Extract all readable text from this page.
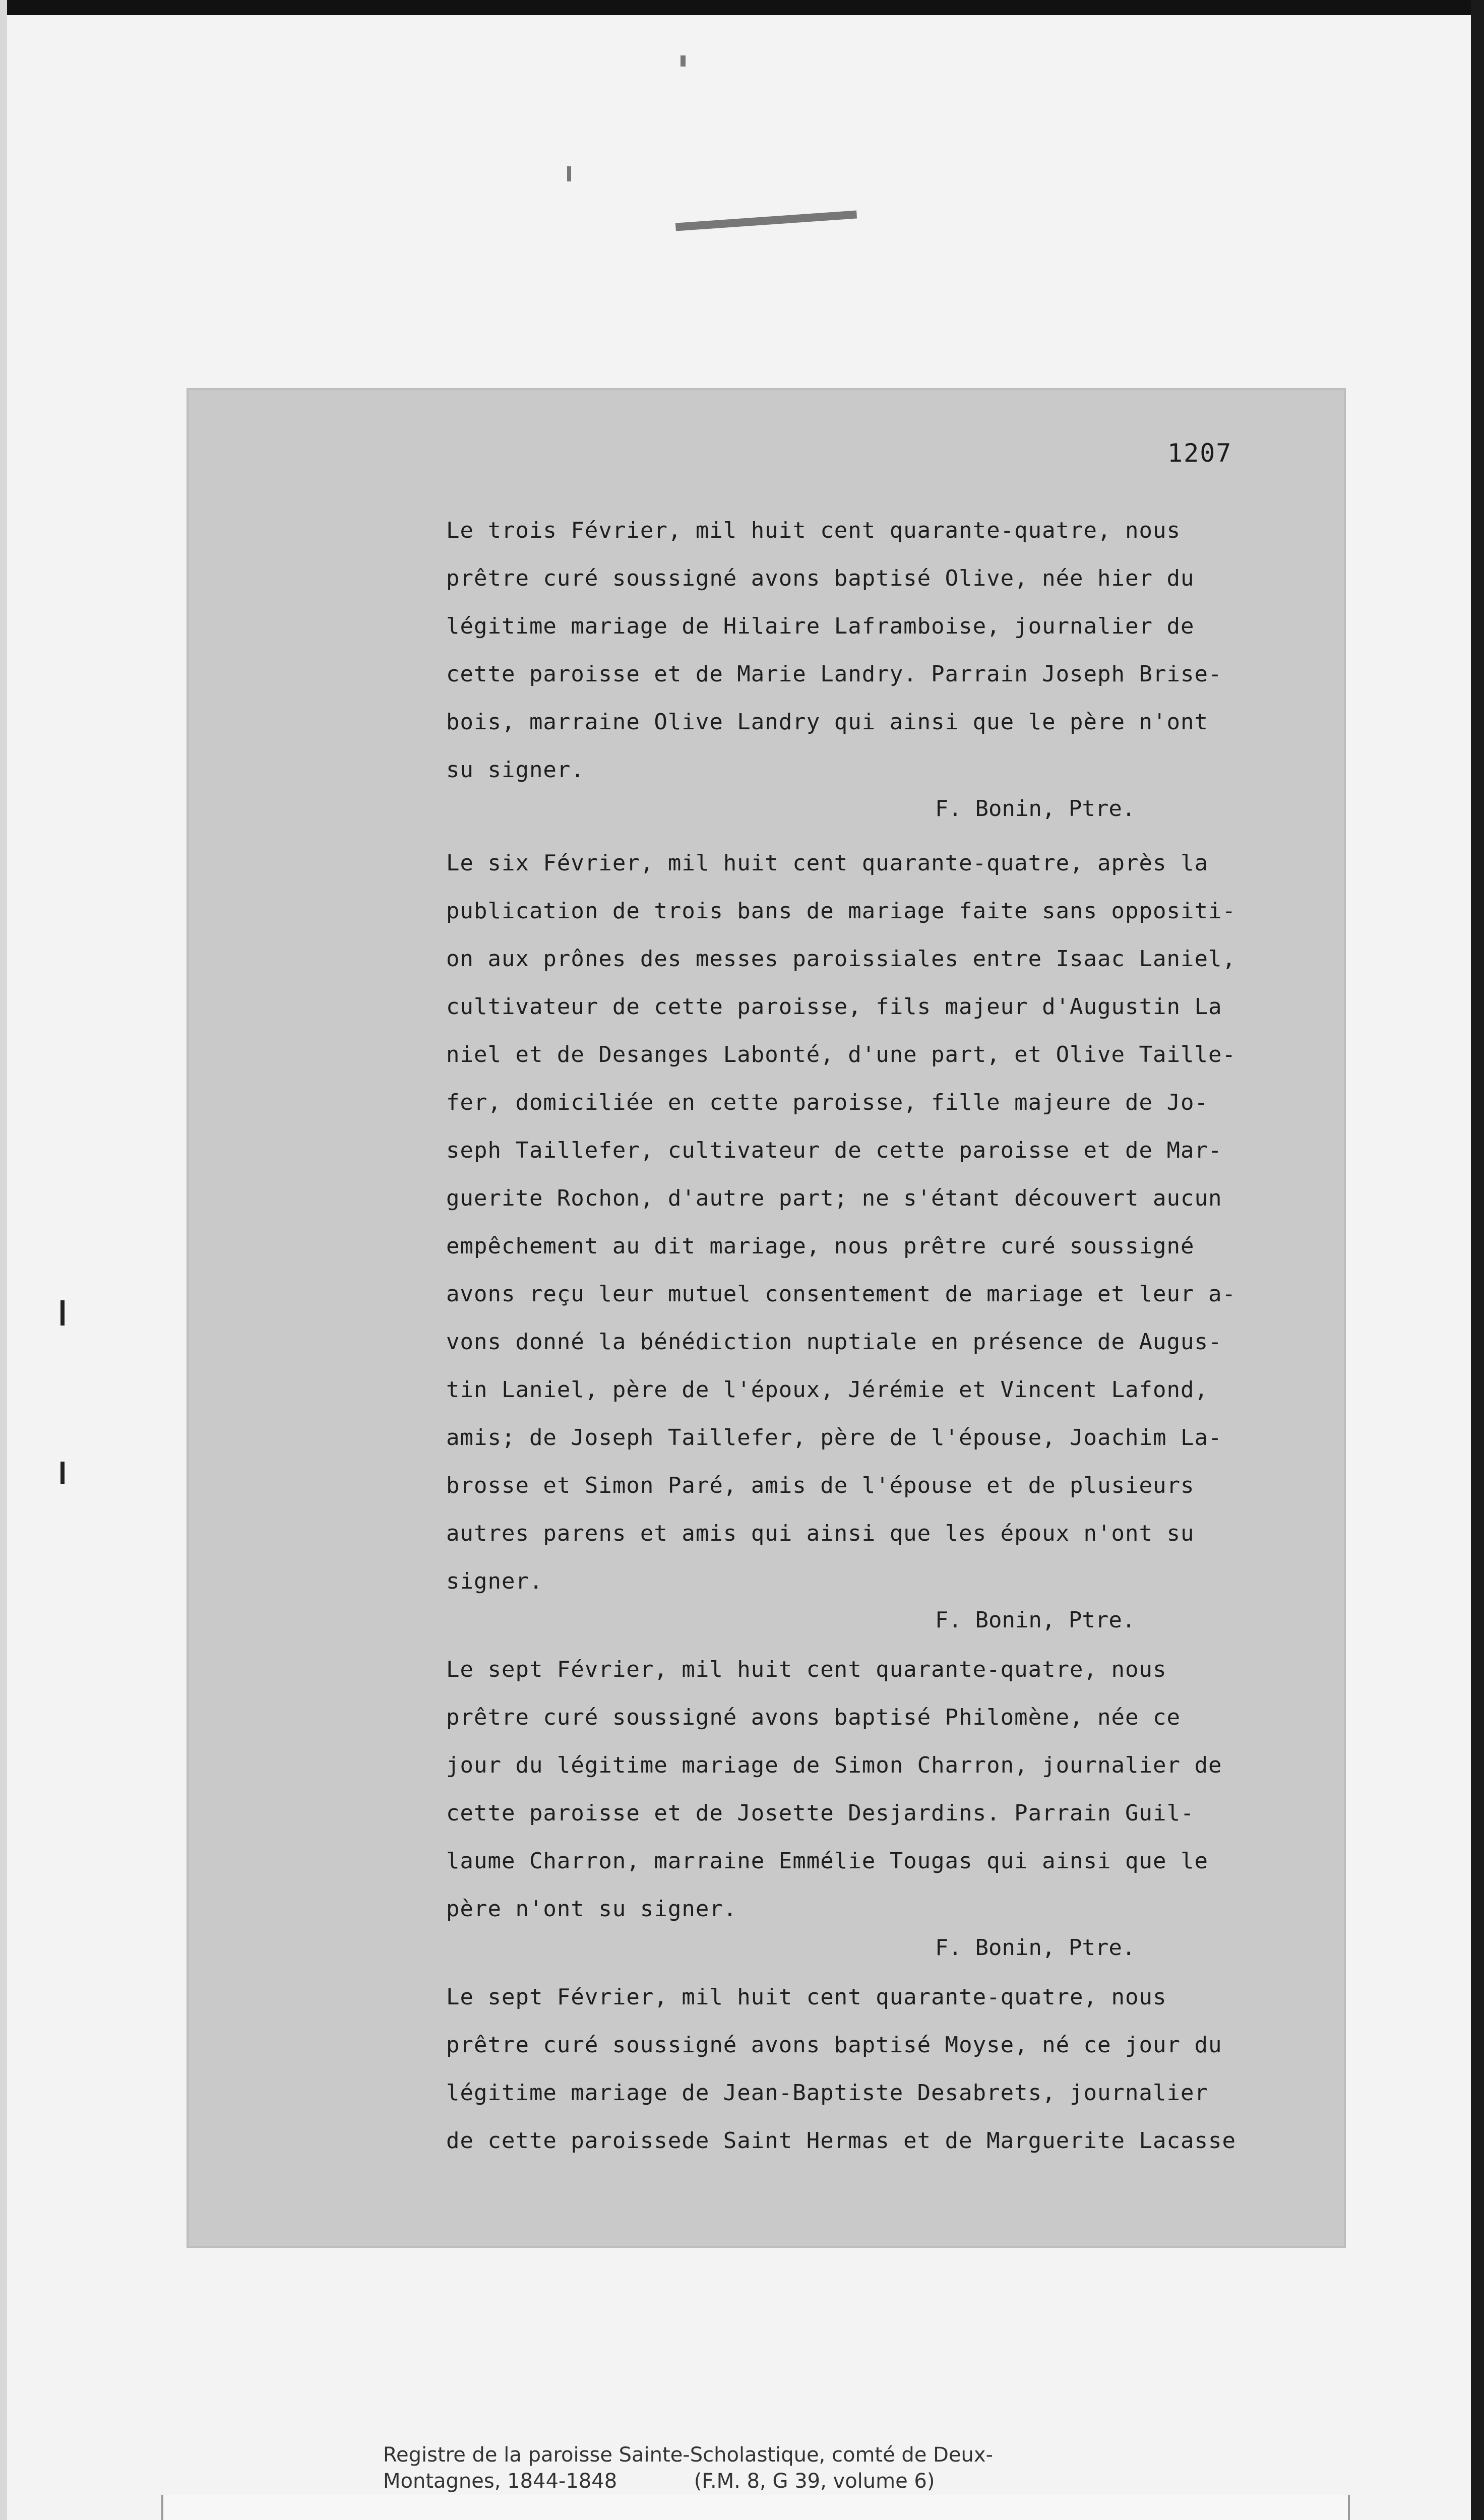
1207
Le trois Février, mil huit cent quarante-quatre, nous
prêtre curé soussigné avons baptisé Olive, née hier du
légitime mariage de Hilaire Laframboise, journalier de
cette paroisse et de Marie Landry. Parrain Joseph Brise-
bois, marraine Olive Landry qui ainsi que le père n'ont
su signer.
F. Bonin, Ptre.
Le six Février, mil huit cent quarante-quatre, après la
publication de trois bans de mariage faite sans oppositi-
on aux prônes des messes paroissiales entre Isaac Laniel,
cultivateur de cette paroisse, fils majeur d'Augustin La
niel et de Desanges Labonté, d'une part, et Olive Taille-
fer, domiciliée en cette paroisse, fille majeure de Jo-
seph Taillefer, cultivateur de cette paroisse et de Mar-
guerite Rochon, d'autre part; ne s'étant découvert aucun
empêchement au dit mariage, nous prêtre curé soussigné
avons reçu leur mutuel consentement de mariage et leur a-
vons donné la bénédiction nuptiale en présence de Augus-
tin Laniel, père de l'époux, Jérémie et Vincent Lafond,
amis; de Joseph Taillefer, père de l'épouse, Joachim La-
brosse et Simon Paré, amis de l'épouse et de plusieurs
autres parens et amis qui ainsi que les époux n'ont su
signer.
F. Bonin, Ptre.
Le sept Février, mil huit cent quarante-quatre, nous
prêtre curé soussigné avons baptisé Philomène, née ce
jour du légitime mariage de Simon Charron, journalier de
cette paroisse et de Josette Desjardins. Parrain Guil-
laume Charron, marraine Emmélie Tougas qui ainsi que le
père n'ont su signer.
F. Bonin, Ptre.
Le sept Février, mil huit cent quarante-quatre, nous
prêtre curé soussigné avons baptisé Moyse, né ce jour du
légitime mariage de Jean-Baptiste Desabrets, journalier
de cette paroissede Saint Hermas et de Marguerite Lacasse
Registre de la paroisse Sainte-Scholastique, comté de Deux-
Montagnes, 1844-1848            (F.M. 8, G 39, volume 6)
